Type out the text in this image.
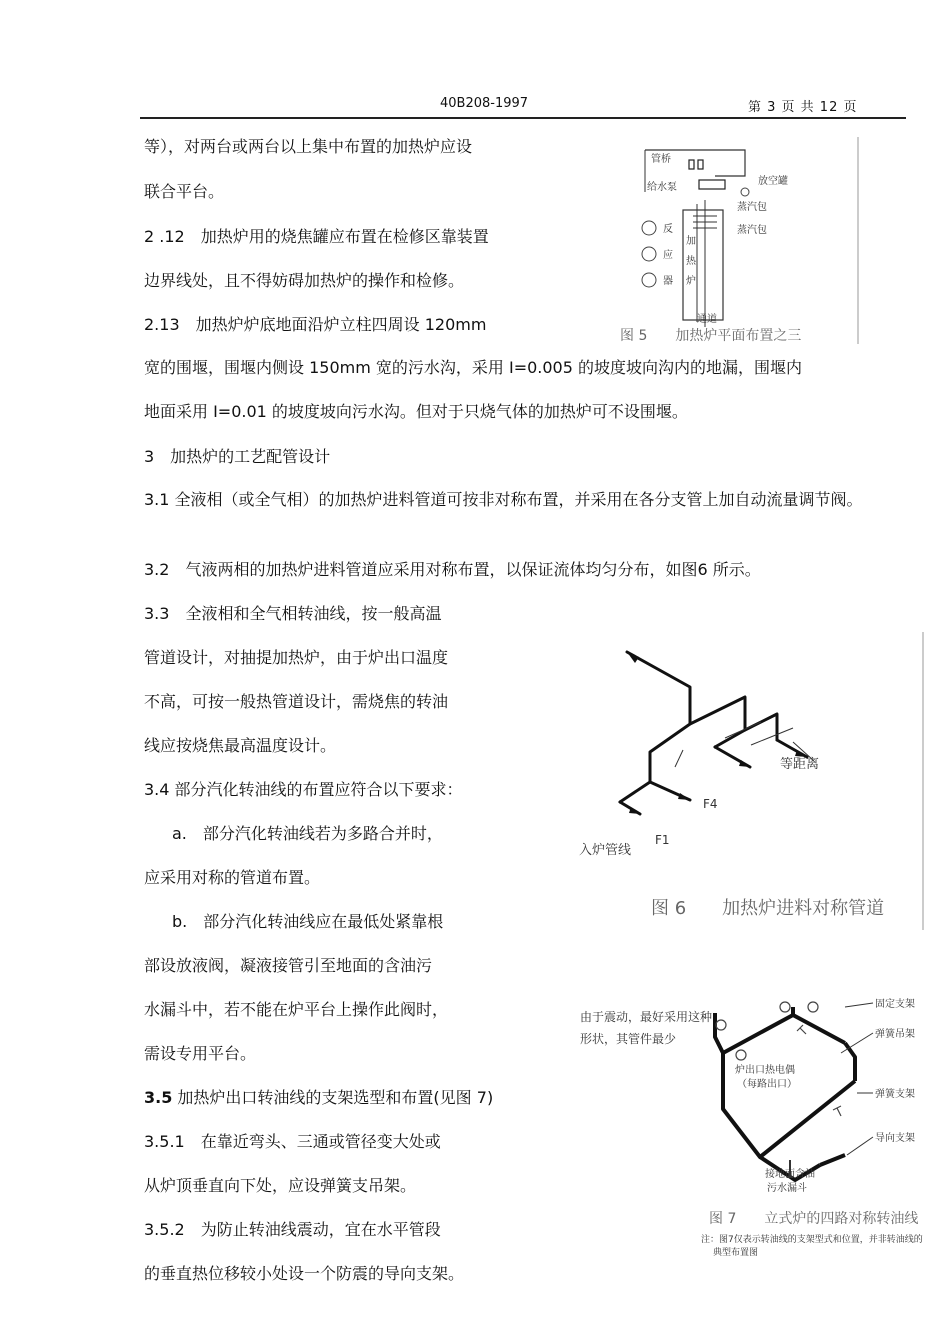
40B208-1997	第 3 页 共 12 页
等），对两台或两台以上集中布置的加热炉应设
联合平台。
2 .12　加热炉用的烧焦罐应布置在检修区靠装置
边界线处，且不得妨碍加热炉的操作和检修。
2.13　加热炉炉底地面沿炉立柱四周设 120mm
宽的围堰，围堰内侧设 150mm 宽的污水沟，采用 I=0.005 的坡度坡向沟内的地漏，围堰内
地面采用 I=0.01 的坡度坡向污水沟。但对于只烧气体的加热炉可不设围堰。
3　加热炉的工艺配管设计
3.1 全液相（或全气相）的加热炉进料管道可按非对称布置，并采用在各分支管上加自动流量调节阀。
3.2　气液两相的加热炉进料管道应采用对称布置，以保证流体均匀分布，如图6 所示。
3.3　全液相和全气相转油线，按一般高温
管道设计，对抽提加热炉，由于炉出口温度
不高，可按一般热管道设计，需烧焦的转油
线应按烧焦最高温度设计。
3.4 部分汽化转油线的布置应符合以下要求：
a.　部分汽化转油线若为多路合并时，
应采用对称的管道布置。
b.　部分汽化转油线应在最低处紧靠根
部设放液阀，凝液接管引至地面的含油污
水漏斗中，若不能在炉平台上操作此阀时，
需设专用平台。
3.5 加热炉出口转油线的支架选型和布置(见图 7)
3.5.1　在靠近弯头、三通或管径变大处或
从炉顶垂直向下处，应设弹簧支吊架。
3.5.2　为防止转油线震动，宜在水平管段
的垂直热位移较小处设一个防震的导向支架。
管桥
给水泵
放空罐
蒸汽包
蒸汽包
反
应
器
加
热
炉
通道
图 5　　加热炉平面布置之三
等距离
F4
F1
入炉管线
图 6　　加热炉进料对称管道
由于震动，最好采用这种
形状，其管件最少
固定支架
弹簧吊架
弹簧支架
导向支架
炉出口热电偶
（每路出口）
接地面含油
污水漏斗
图 7　　立式炉的四路对称转油线
注：图7仅表示转油线的支架型式和位置，并非转油线的
典型布置图
